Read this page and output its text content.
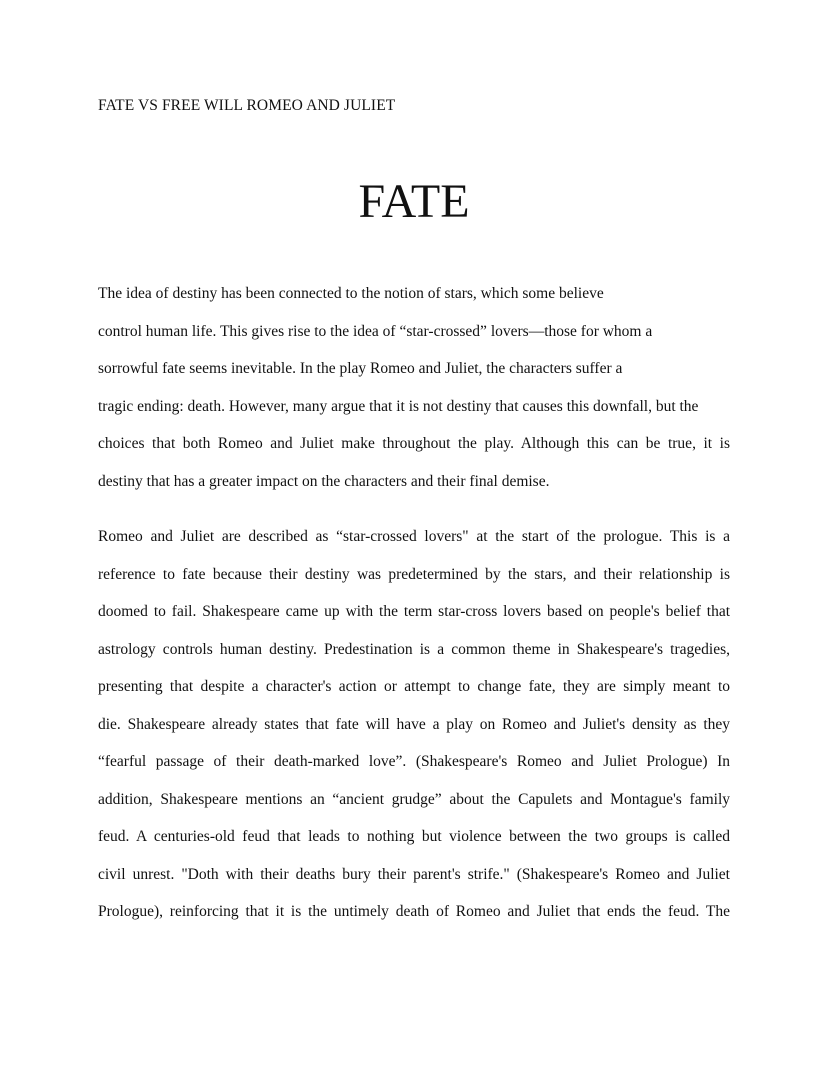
FATE VS FREE WILL ROMEO AND JULIET
FATE
The idea of destiny has been connected to the notion of stars, which some believe
control human life. This gives rise to the idea of “star-crossed” lovers—those for whom a
sorrowful fate seems inevitable. In the play Romeo and Juliet, the characters suffer a
tragic ending: death. However, many argue that it is not destiny that causes this downfall, but the
choices that both Romeo and Juliet make throughout the play. Although this can be true, it is
destiny that has a greater impact on the characters and their final demise.
Romeo and Juliet are described as “star-crossed lovers" at the start of the prologue. This is a
reference to fate because their destiny was predetermined by the stars, and their relationship is
doomed to fail. Shakespeare came up with the term star-cross lovers based on people's belief that
astrology controls human destiny. Predestination is a common theme in Shakespeare's tragedies,
presenting that despite a character's action or attempt to change fate, they are simply meant to
die. Shakespeare already states that fate will have a play on Romeo and Juliet's density as they
“fearful passage of their death-marked love”. (Shakespeare's Romeo and Juliet Prologue) In
addition, Shakespeare mentions an “ancient grudge” about the Capulets and Montague's family
feud. A centuries-old feud that leads to nothing but violence between the two groups is called
civil unrest. "Doth with their deaths bury their parent's strife." (Shakespeare's Romeo and Juliet
Prologue), reinforcing that it is the untimely death of Romeo and Juliet that ends the feud. The
